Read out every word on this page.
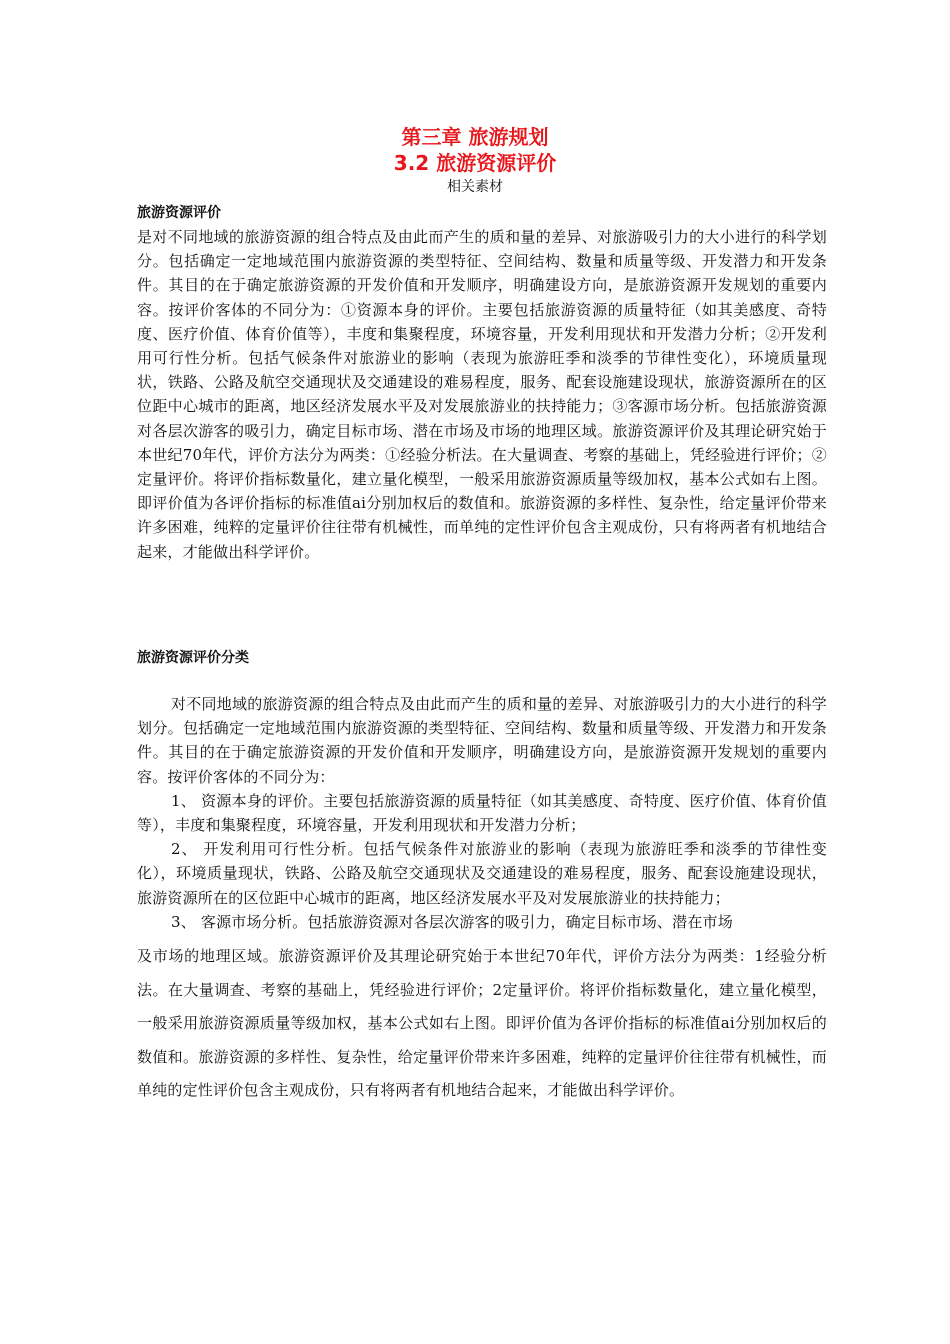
第三章 旅游规划
3.2 旅游资源评价
相关素材
旅游资源评价

是对不同地域的旅游资源的组合特点及由此而产生的质和量的差异、对旅游吸引力的大小进行的科学划分。包括确定一定地域范围内旅游资源的类型特征、空间结构、数量和质量等级、开发潜力和开发条件。其目的在于确定旅游资源的开发价值和开发顺序，明确建设方向，是旅游资源开发规划的重要内容。按评价客体的不同分为：①资源本身的评价。主要包括旅游资源的质量特征（如其美感度、奇特度、医疗价值、体育价值等），丰度和集聚程度，环境容量，开发利用现状和开发潜力分析；②开发利用可行性分析。包括气候条件对旅游业的影响（表现为旅游旺季和淡季的节律性变化），环境质量现状，铁路、公路及航空交通现状及交通建设的难易程度，服务、配套设施建设现状，旅游资源所在的区位距中心城市的距离，地区经济发展水平及对发展旅游业的扶持能力；③客源市场分析。包括旅游资源对各层次游客的吸引力，确定目标市场、潜在市场及市场的地理区域。旅游资源评价及其理论研究始于本世纪70年代，评价方法分为两类：①经验分析法。在大量调查、考察的基础上，凭经验进行评价；②定量评价。将评价指标数量化，建立量化模型，一般采用旅游资源质量等级加权，基本公式如右上图。即评价值为各评价指标的标准值ai分别加权后的数值和。旅游资源的多样性、复杂性，给定量评价带来许多困难，纯粹的定量评价往往带有机械性，而单纯的定性评价包含主观成份，只有将两者有机地结合起来，才能做出科学评价。

旅游资源评价分类

对不同地域的旅游资源的组合特点及由此而产生的质和量的差异、对旅游吸引力的大小进行的科学划分。包括确定一定地域范围内旅游资源的类型特征、空间结构、数量和质量等级、开发潜力和开发条件。其目的在于确定旅游资源的开发价值和开发顺序，明确建设方向，是旅游资源开发规划的重要内容。按评价客体的不同分为：

1、 资源本身的评价。主要包括旅游资源的质量特征（如其美感度、奇特度、医疗价值、体育价值等），丰度和集聚程度，环境容量，开发利用现状和开发潜力分析；

2、 开发利用可行性分析。包括气候条件对旅游业的影响（表现为旅游旺季和淡季的节律性变化），环境质量现状，铁路、公路及航空交通现状及交通建设的难易程度，服务、配套设施建设现状，旅游资源所在的区位距中心城市的距离，地区经济发展水平及对发展旅游业的扶持能力；

3、 客源市场分析。包括旅游资源对各层次游客的吸引力，确定目标市场、潜在市场

及市场的地理区域。旅游资源评价及其理论研究始于本世纪70年代，评价方法分为两类：1经验分析法。在大量调查、考察的基础上，凭经验进行评价；2定量评价。将评价指标数量化，建立量化模型，一般采用旅游资源质量等级加权，基本公式如右上图。即评价值为各评价指标的标准值ai分别加权后的数值和。旅游资源的多样性、复杂性，给定量评价带来许多困难，纯粹的定量评价往往带有机械性，而单纯的定性评价包含主观成份，只有将两者有机地结合起来，才能做出科学评价。
